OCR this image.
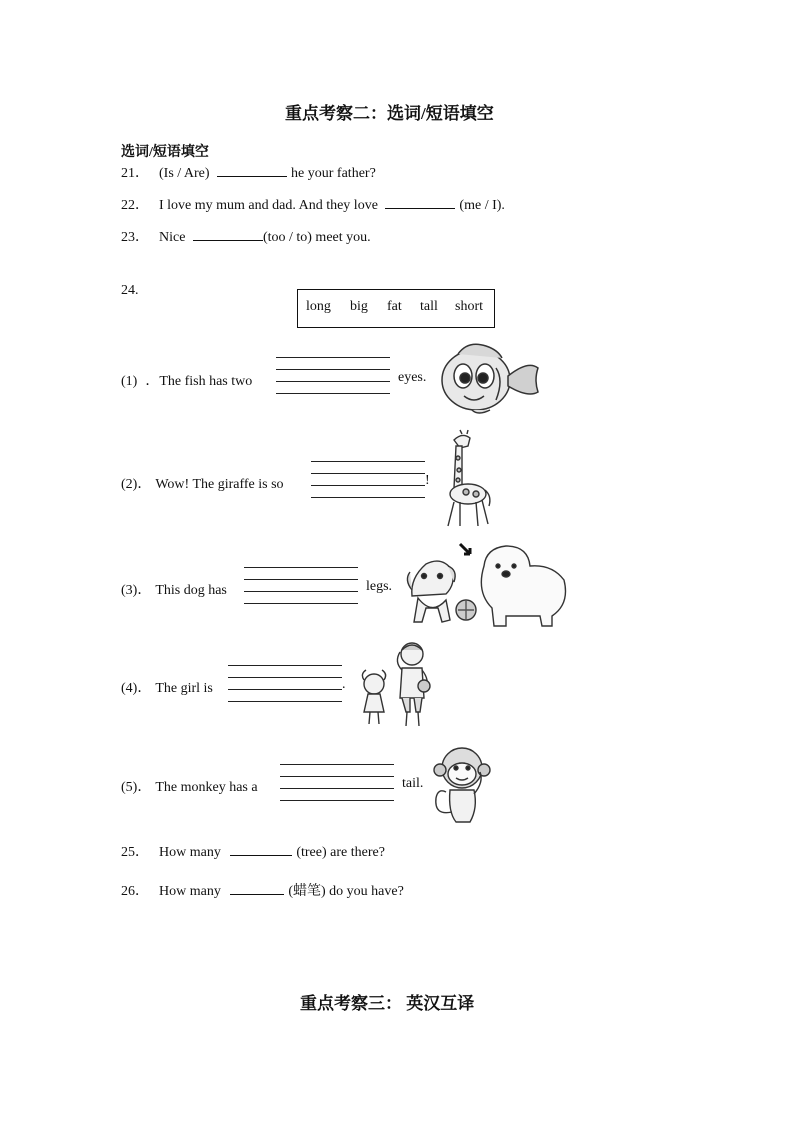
重点考察二：选词/短语填空
选词/短语填空
21． (Is / Are)	he your father?
22． I love my mum and dad. And they love	(me / I).
23． Nice	(too / to) meet you.
24.
long big fat tall short
(1) ．The fish has two	eyes.
(2)． Wow! The giraffe is so	!
(3)． This dog has	legs.
(4)． The girl is	.
(5)． The monkey has a	tail.
25． How many	(tree) are there?
26． How many	(蜡笔) do you have?
重点考察三： 英汉互译
